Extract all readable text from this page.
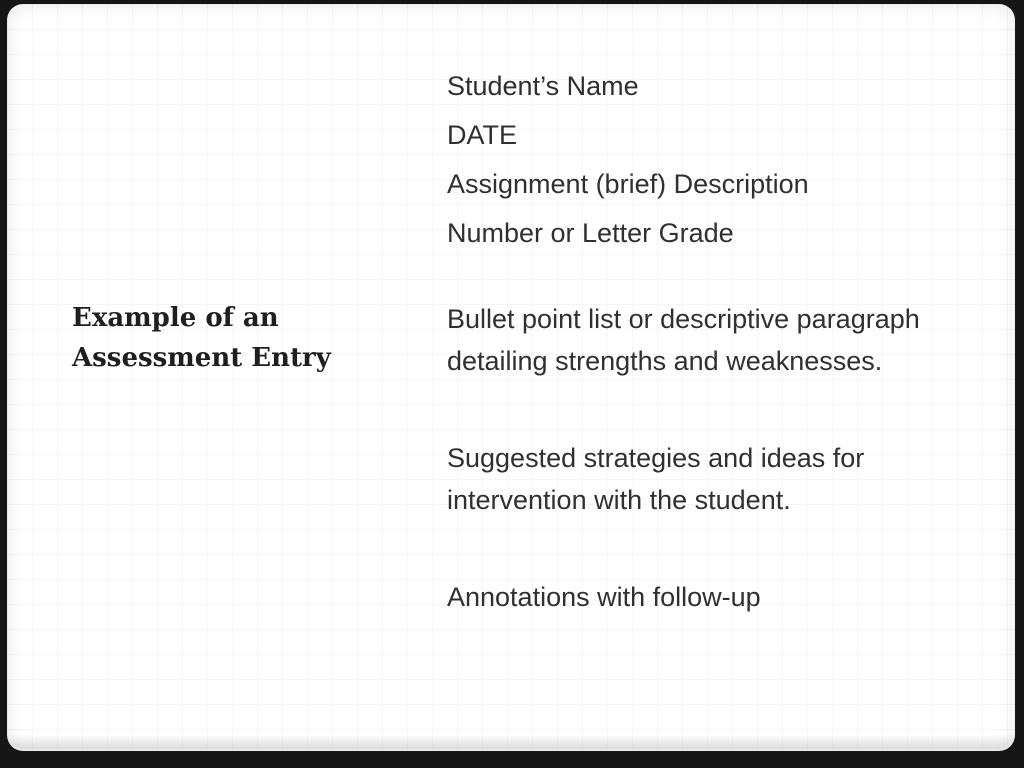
Example of an Assessment Entry

Student’s Name

DATE

Assignment (brief) Description

Number or Letter Grade

Bullet point list or descriptive paragraph detailing strengths and weaknesses.

Suggested strategies and ideas for intervention with the student.

Annotations with follow-up
